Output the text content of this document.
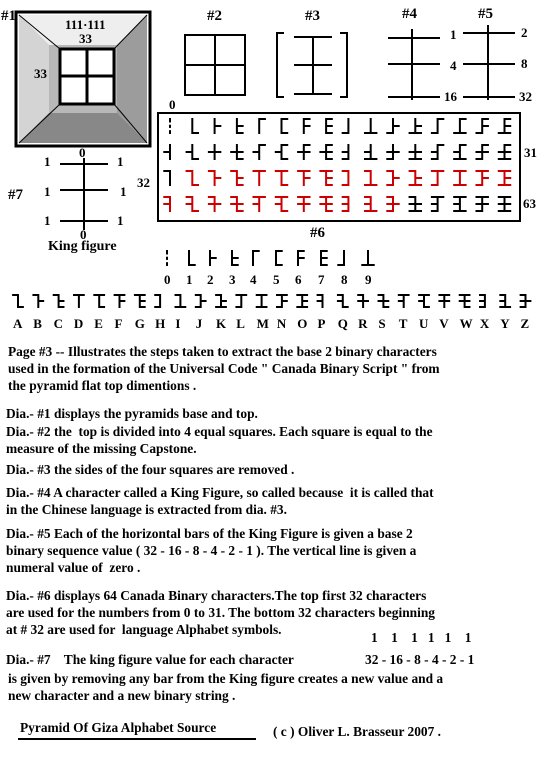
#1	#2	#3	#4	#5
#6
#7
111·111
33
33
1
4
16
2
8
32
0
31
32
63
0
0
1
1
1
1
1
1
King figure
0 1 2 3 4 5 6 7 8 9
A B C D E F G H I J K L M N O P Q R S T U V W X Y Z
Page #3 -- Illustrates the steps taken to extract the base 2 binary characters
used in the formation of the Universal Code " Canada Binary Script " from
the pyramid flat top dimentions .
Dia.- #1 displays the pyramids base and top.
Dia.- #2 the  top is divided into 4 equal squares. Each square is equal to the
measure of the missing Capstone.
Dia.- #3 the sides of the four squares are removed .
Dia.- #4 A character called a King Figure, so called because  it is called that
in the Chinese language is extracted from dia. #3.
Dia.- #5 Each of the horizontal bars of the King Figure is given a base 2
binary sequence value ( 32 - 16 - 8 - 4 - 2 - 1 ). The vertical line is given a
numeral value of  zero .
Dia.- #6 displays 64 Canada Binary characters.The top first 32 characters
are used for the numbers from 0 to 31. The bottom 32 characters beginning
at # 32 are used for  language Alphabet symbols.
1    1    1   1   1    1
Dia.- #7    The king figure value for each character	32 - 16 - 8 - 4 - 2 - 1
is given by removing any bar from the King figure creates a new value and a
new character and a new binary string .
Pyramid Of Giza Alphabet Source	( c ) Oliver L. Brasseur 2007 .
